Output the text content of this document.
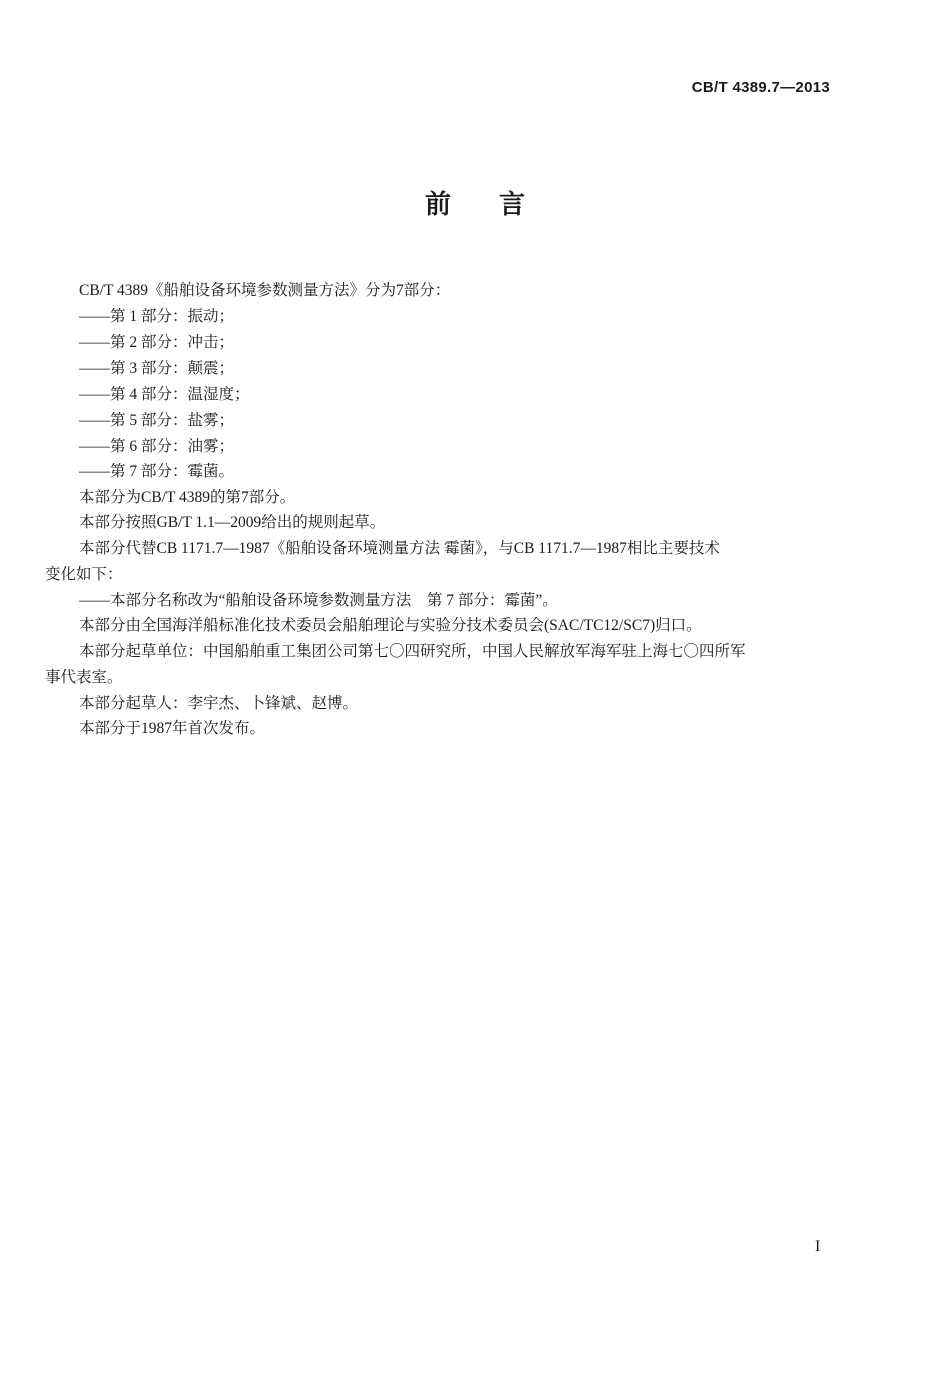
CB/T 4389.7—2013
前言
CB/T 4389《船舶设备环境参数测量方法》分为7部分：
——第 1 部分：振动；
——第 2 部分：冲击；
——第 3 部分：颠震；
——第 4 部分：温湿度；
——第 5 部分：盐雾；
——第 6 部分：油雾；
——第 7 部分：霉菌。
本部分为CB/T 4389的第7部分。
本部分按照GB/T 1.1—2009给出的规则起草。
本部分代替CB 1171.7—1987《船舶设备环境测量方法 霉菌》，与CB 1171.7—1987相比主要技术
变化如下：
——本部分名称改为“船舶设备环境参数测量方法　第 7 部分：霉菌”。
本部分由全国海洋船标准化技术委员会船舶理论与实验分技术委员会(SAC/TC12/SC7)归口。
本部分起草单位：中国船舶重工集团公司第七〇四研究所，中国人民解放军海军驻上海七〇四所军
事代表室。
本部分起草人：李宇杰、卜锋斌、赵博。
本部分于1987年首次发布。
I
